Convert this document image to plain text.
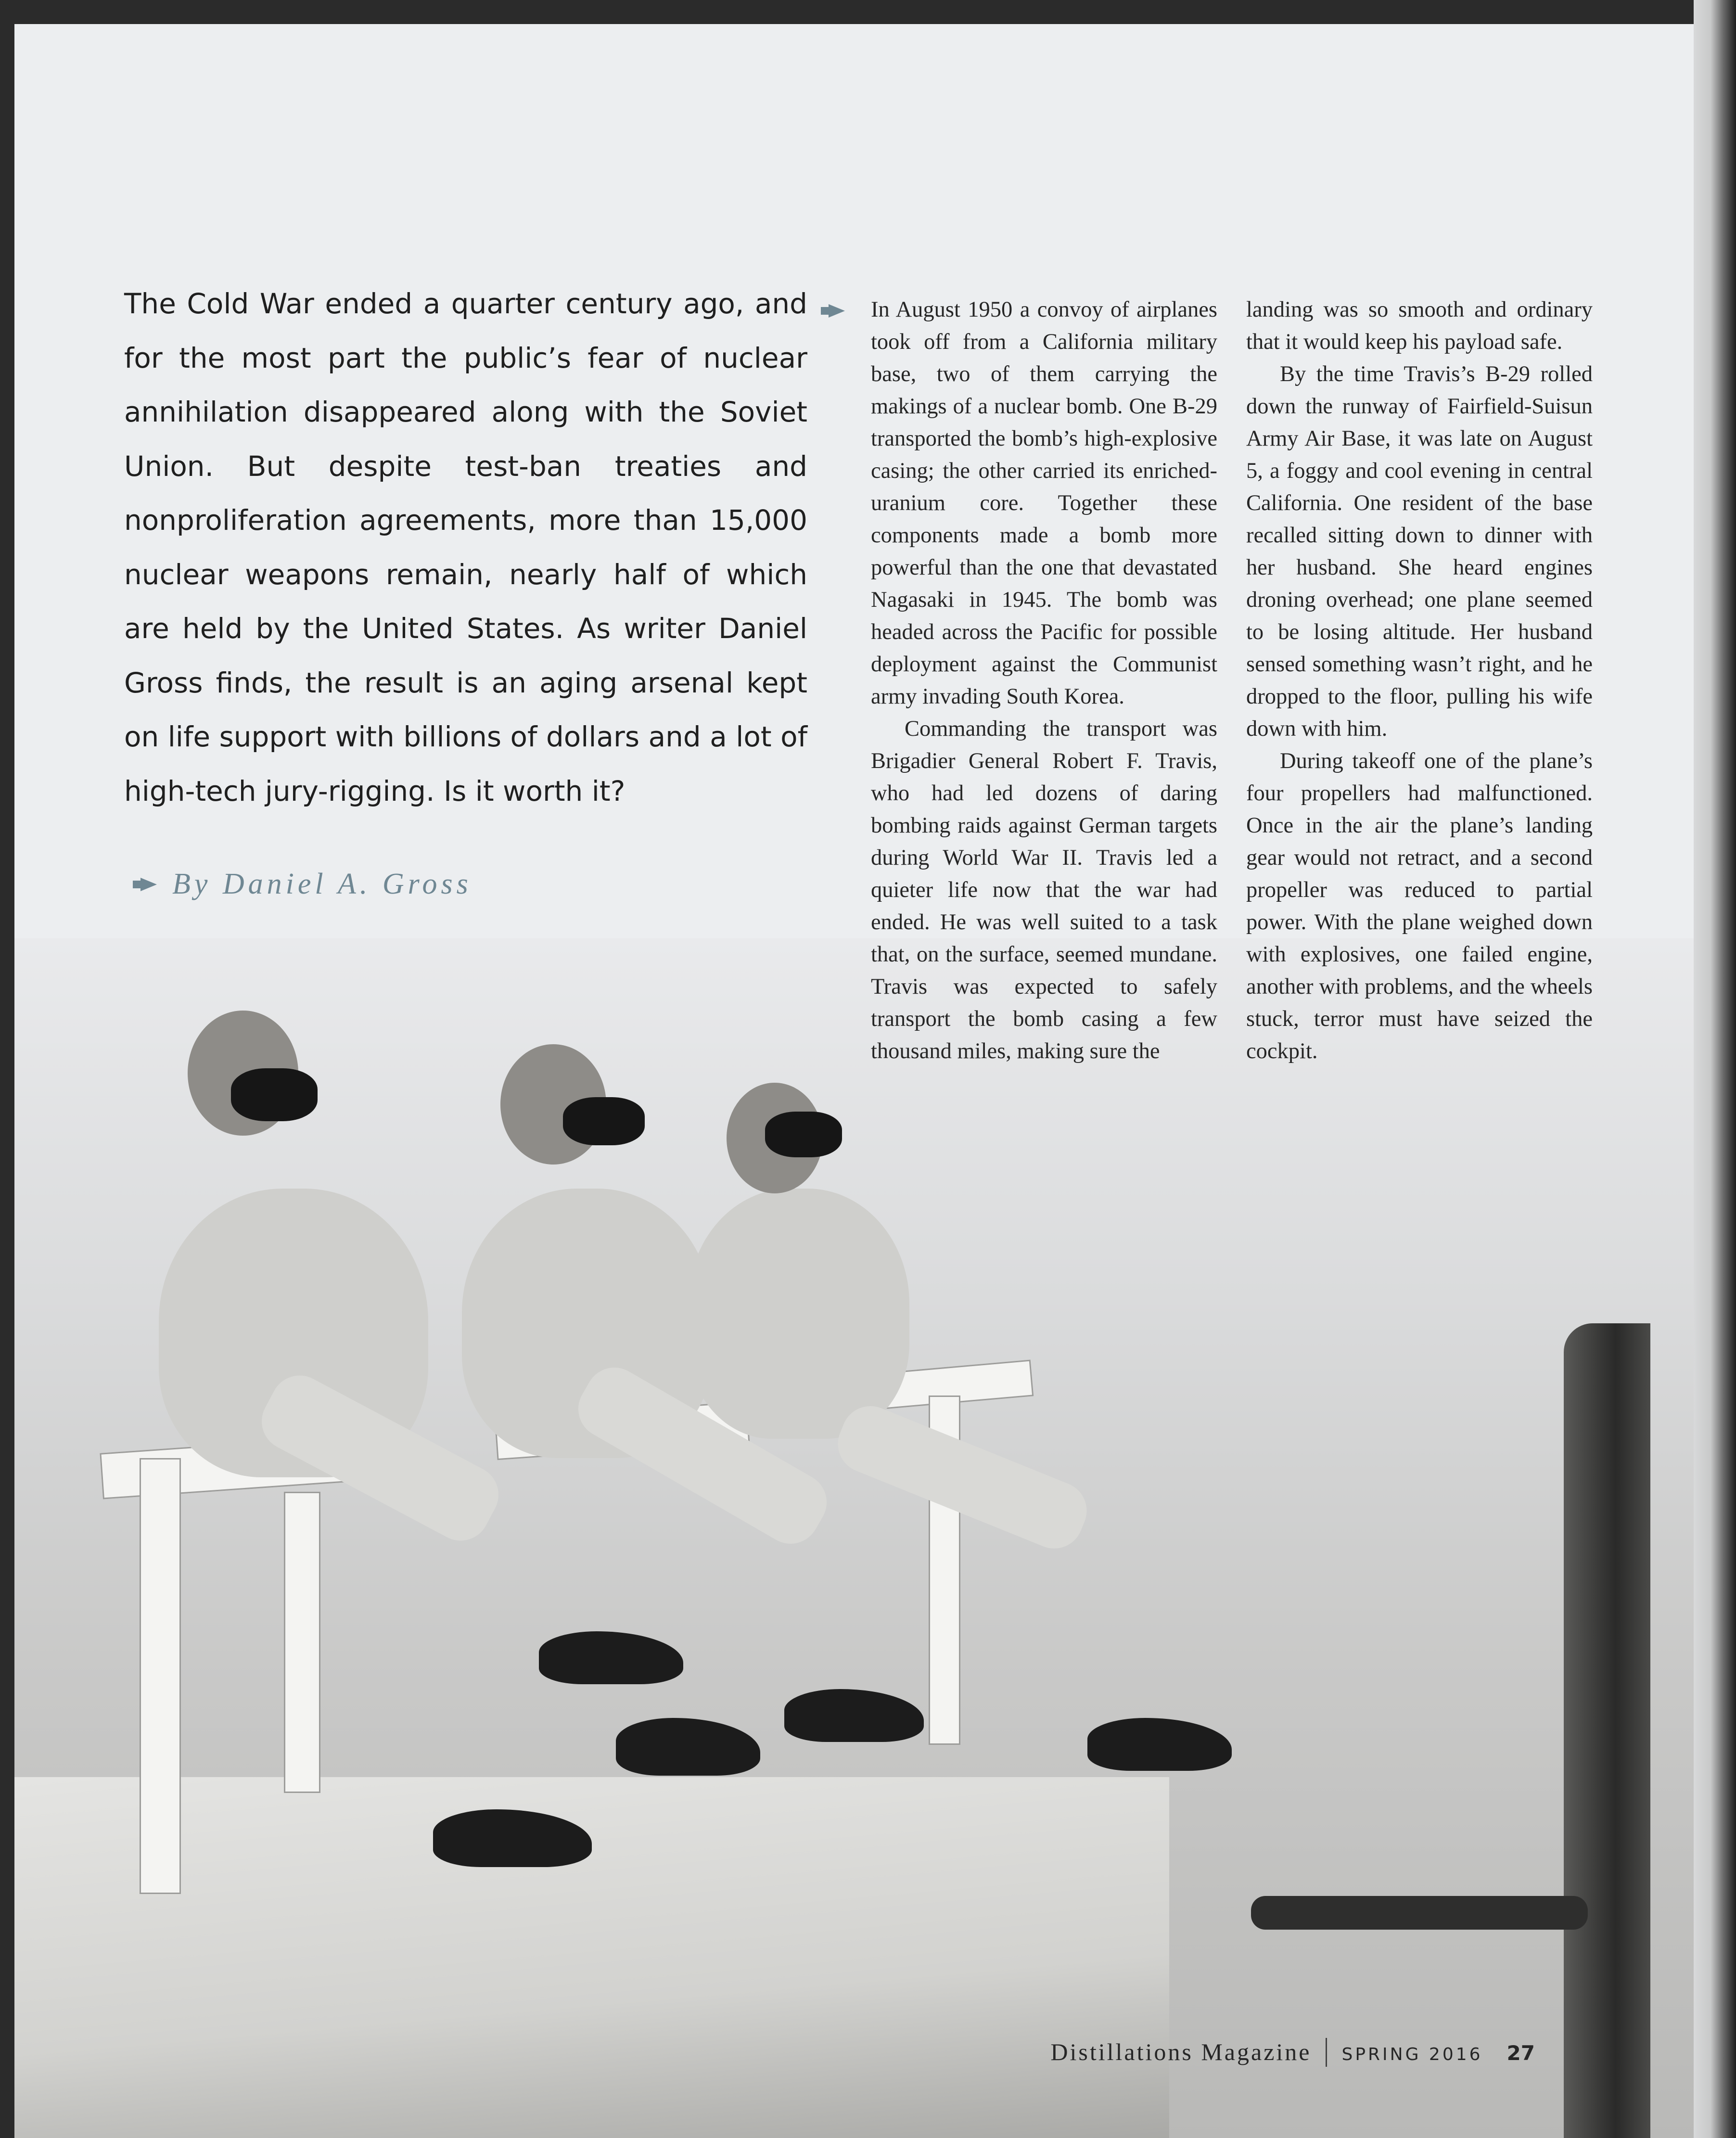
The Cold War ended a quarter century ago, and for the most part the public’s fear of nuclear annihilation disappeared along with the Soviet Union. But despite test-ban treaties and nonproliferation agreements, more than 15,000 nuclear weapons remain, nearly half of which are held by the United States. As writer Daniel Gross finds, the result is an aging arsenal kept on life support with billions of dollars and a lot of high-tech jury-rigging. Is it worth it?

By Daniel A. Gross

In August 1950 a convoy of airplanes took off from a California military base, two of them carrying the makings of a nuclear bomb. One B-29 transported the bomb’s high-explosive casing; the other carried its enriched-uranium core. Together these components made a bomb more powerful than the one that devastated Nagasaki in 1945. The bomb was headed across the Pacific for possible deployment against the Communist army invading South Korea.

Commanding the transport was Brigadier General Robert F. Travis, who had led dozens of daring bombing raids against German targets during World War II. Travis led a quieter life now that the war had ended. He was well suited to a task that, on the surface, seemed mundane. Travis was expected to safely transport the bomb casing a few thousand miles, making sure the

landing was so smooth and ordinary that it would keep his payload safe.

By the time Travis’s B-29 rolled down the runway of Fairfield-Suisun Army Air Base, it was late on August 5, a foggy and cool evening in central California. One resident of the base recalled sitting down to dinner with her husband. She heard engines droning overhead; one plane seemed to be losing altitude. Her husband sensed something wasn’t right, and he dropped to the floor, pulling his wife down with him.

During takeoff one of the plane’s four propellers had malfunctioned. Once in the air the plane’s landing gear would not retract, and a second propeller was reduced to partial power. With the plane weighed down with explosives, one failed engine, another with problems, and the wheels stuck, terror must have seized the cockpit.

Distillations Magazine SPRING 2016 27
